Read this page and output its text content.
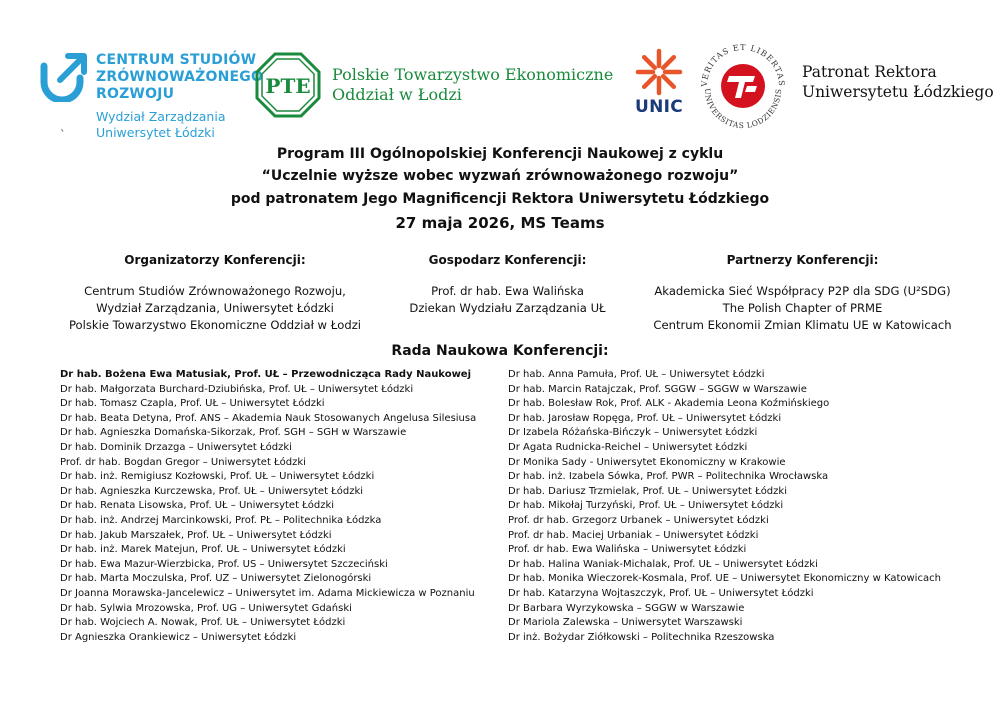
CENTRUM STUDIÓW
ZRÓWNOWAŻONEGO
ROZWOJU
Wydział Zarządzania
Uniwersytet Łódzki
`
PTE Polskie Towarzystwo Ekonomiczne
Oddział w Łodzi
UNIC
VERITAS ET LIBERTAS
UNIVERSITAS LODZIENSIS
Patronat Rektora
Uniwersytetu Łódzkiego
Program III Ogólnopolskiej Konferencji Naukowej z cyklu
“Uczelnie wyższe wobec wyzwań zrównoważonego rozwoju”
pod patronatem Jego Magnificencji Rektora Uniwersytetu Łódzkiego
27 maja 2026, MS Teams
Organizatorzy Konferencji:
Centrum Studiów Zrównoważonego Rozwoju,
Wydział Zarządzania, Uniwersytet Łódzki
Polskie Towarzystwo Ekonomiczne Oddział w Łodzi
Gospodarz Konferencji:
Prof. dr hab. Ewa Walińska
Dziekan Wydziału Zarządzania UŁ
Partnerzy Konferencji:
Akademicka Sieć Współpracy P2P dla SDG (U²SDG)
The Polish Chapter of PRME
Centrum Ekonomii Zmian Klimatu UE w Katowicach
Rada Naukowa Konferencji:
Dr hab. Bożena Ewa Matusiak, Prof. UŁ – Przewodnicząca Rady Naukowej
Dr hab. Małgorzata Burchard-Dziubińska, Prof. UŁ – Uniwersytet Łódzki
Dr hab. Tomasz Czapla, Prof. UŁ – Uniwersytet Łódzki
Dr hab. Beata Detyna, Prof. ANS – Akademia Nauk Stosowanych Angelusa Silesiusa
Dr hab. Agnieszka Domańska-Sikorzak, Prof. SGH – SGH w Warszawie
Dr hab. Dominik Drzazga – Uniwersytet Łódzki
Prof. dr hab. Bogdan Gregor – Uniwersytet Łódzki
Dr hab. inż. Remigiusz Kozłowski, Prof. UŁ – Uniwersytet Łódzki
Dr hab. Agnieszka Kurczewska, Prof. UŁ – Uniwersytet Łódzki
Dr hab. Renata Lisowska, Prof. UŁ – Uniwersytet Łódzki
Dr hab. inż. Andrzej Marcinkowski, Prof. PŁ – Politechnika Łódzka
Dr hab. Jakub Marszałek, Prof. UŁ – Uniwersytet Łódzki
Dr hab. inż. Marek Matejun, Prof. UŁ – Uniwersytet Łódzki
Dr hab. Ewa Mazur-Wierzbicka, Prof. US – Uniwersytet Szczeciński
Dr hab. Marta Moczulska, Prof. UZ – Uniwersytet Zielonogórski
Dr Joanna Morawska-Jancelewicz – Uniwersytet im. Adama Mickiewicza w Poznaniu
Dr hab. Sylwia Mrozowska, Prof. UG – Uniwersytet Gdański
Dr hab. Wojciech A. Nowak, Prof. UŁ – Uniwersytet Łódzki
Dr Agnieszka Orankiewicz – Uniwersytet Łódzki
Dr hab. Anna Pamuła, Prof. UŁ – Uniwersytet Łódzki
Dr hab. Marcin Ratajczak, Prof. SGGW – SGGW w Warszawie
Dr hab. Bolesław Rok, Prof. ALK - Akademia Leona Koźmińskiego
Dr hab. Jarosław Ropęga, Prof. UŁ – Uniwersytet Łódzki
Dr Izabela Różańska-Bińczyk – Uniwersytet Łódzki
Dr Agata Rudnicka-Reichel – Uniwersytet Łódzki
Dr Monika Sady - Uniwersytet Ekonomiczny w Krakowie
Dr hab. inż. Izabela Sówka, Prof. PWR – Politechnika Wrocławska
Dr hab. Dariusz Trzmielak, Prof. UŁ – Uniwersytet Łódzki
Dr hab. Mikołaj Turzyński, Prof. UŁ – Uniwersytet Łódzki
Prof. dr hab. Grzegorz Urbanek – Uniwersytet Łódzki
Prof. dr hab. Maciej Urbaniak – Uniwersytet Łódzki
Prof. dr hab. Ewa Walińska – Uniwersytet Łódzki
Dr hab. Halina Waniak-Michalak, Prof. UŁ – Uniwersytet Łódzki
Dr hab. Monika Wieczorek-Kosmala, Prof. UE – Uniwersytet Ekonomiczny w Katowicach
Dr hab. Katarzyna Wojtaszczyk, Prof. UŁ – Uniwersytet Łódzki
Dr Barbara Wyrzykowska – SGGW w Warszawie
Dr Mariola Zalewska – Uniwersytet Warszawski
Dr inż. Bożydar Ziółkowski – Politechnika Rzeszowska
